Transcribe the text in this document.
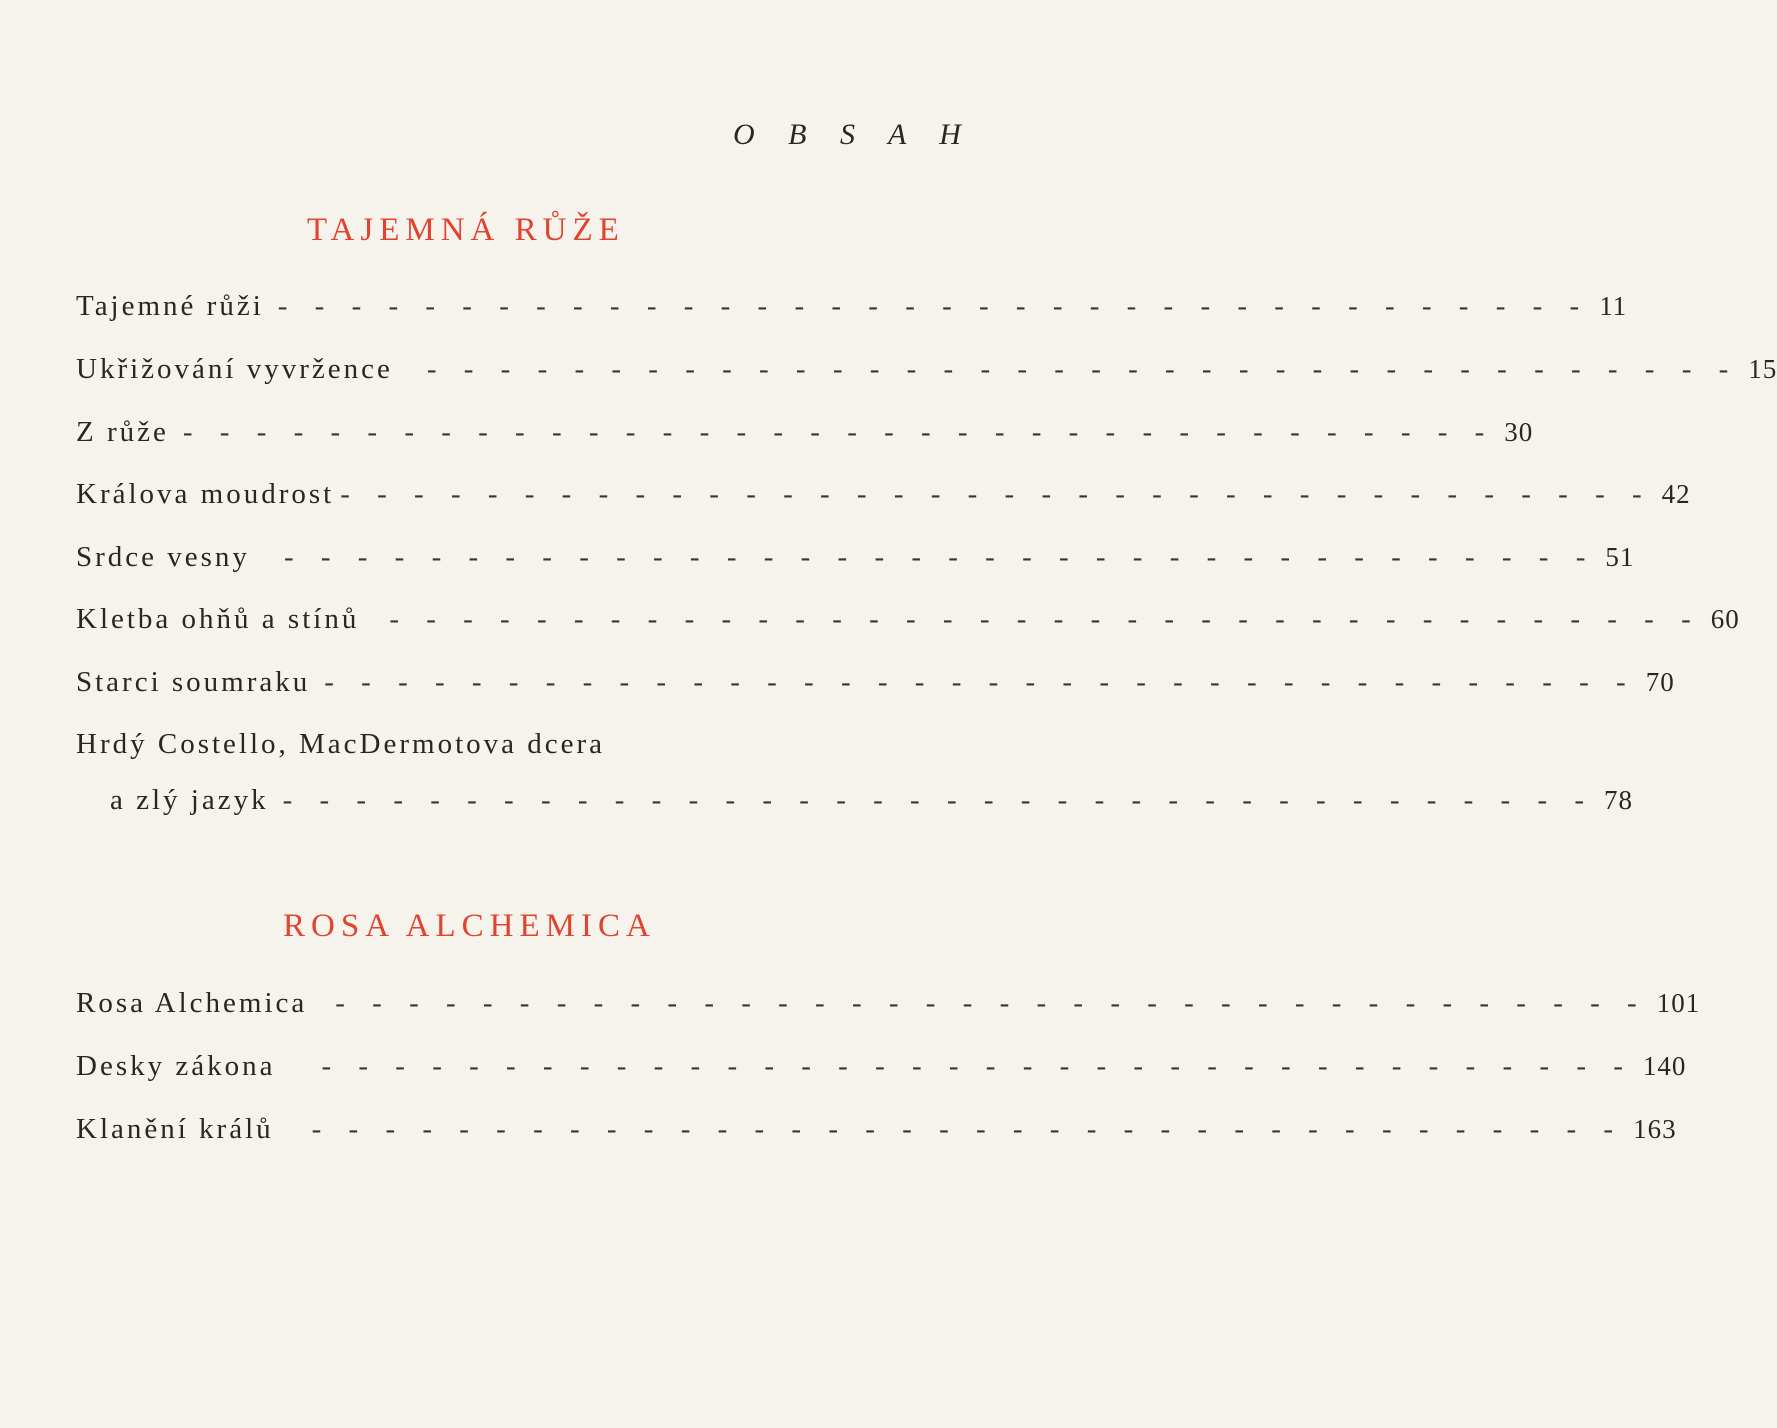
O B S A H
TAJEMNÁ RŮŽE
Tajemné růži - - - - - - - - - - - - - - - - - - - - - - - - - - - - - - - - - - - - 11
Ukřižování vyvržence - - - - - - - - - - - - - - - - - - - - - - - - - - - - - - - - - - - - 15
Z růže - - - - - - - - - - - - - - - - - - - - - - - - - - - - - - - - - - - - 30
Králova moudrost - - - - - - - - - - - - - - - - - - - - - - - - - - - - - - - - - - - - 42
Srdce vesny - - - - - - - - - - - - - - - - - - - - - - - - - - - - - - - - - - - - 51
Kletba ohňů a stínů - - - - - - - - - - - - - - - - - - - - - - - - - - - - - - - - - - - - 60
Starci soumraku - - - - - - - - - - - - - - - - - - - - - - - - - - - - - - - - - - - - 70
Hrdý Costello, MacDermotova dcera
a zlý jazyk - - - - - - - - - - - - - - - - - - - - - - - - - - - - - - - - - - - - 78
ROSA ALCHEMICA
Rosa Alchemica - - - - - - - - - - - - - - - - - - - - - - - - - - - - - - - - - - - - 101
Desky zákona - - - - - - - - - - - - - - - - - - - - - - - - - - - - - - - - - - - - 140
Klanění králů - - - - - - - - - - - - - - - - - - - - - - - - - - - - - - - - - - - - 163
